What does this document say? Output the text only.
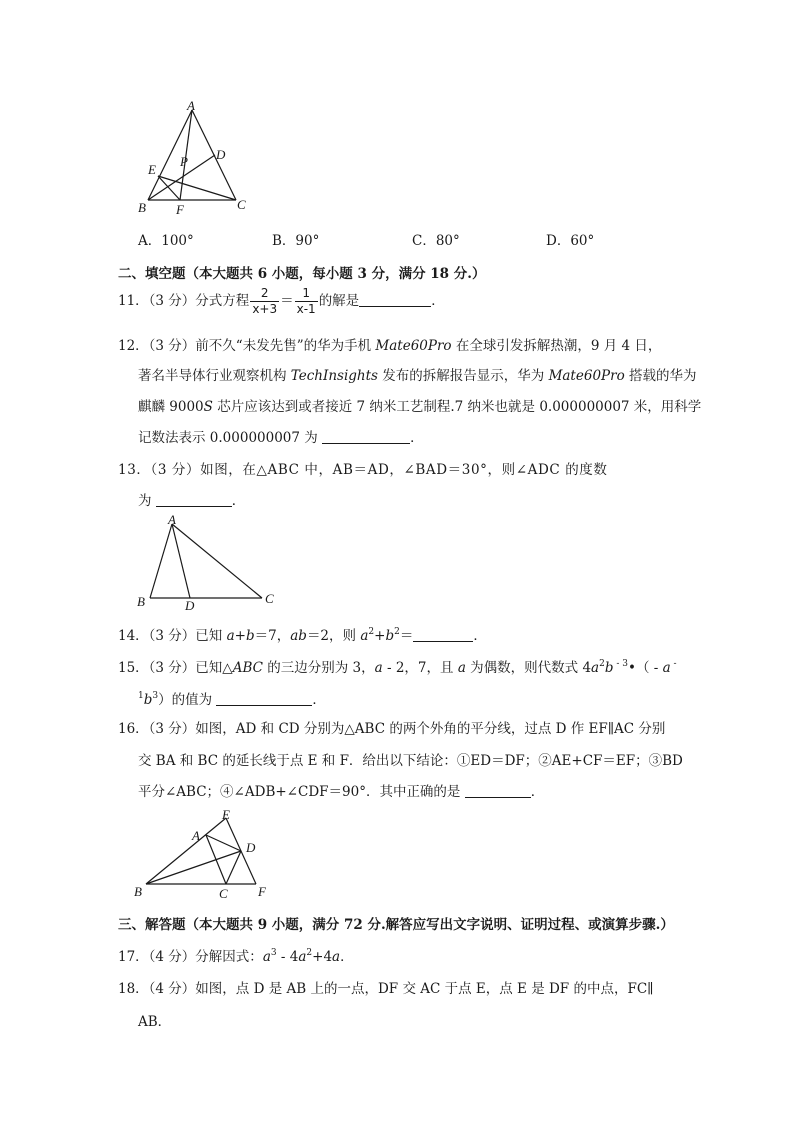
A
B	C
D
E
F
P
A．100°	B．90°	C．80°	D．60°
二、填空题（本大题共 6 小题，每小题 3 分，满分 18 分.）
11．（3 分）分式方程 $\frac{2}{x+3} = \frac{1}{x-1}$ 的解是	．
12．（3 分）前不久“未发先售”的华为手机 Mate60Pro 在全球引发拆解热潮，9 月 4 日，
著名半导体行业观察机构 TechInsights 发布的拆解报告显示，华为 Mate60Pro 搭载的华为
麒麟 9000S 芯片应该达到或者接近 7 纳米工艺制程.7 纳米也就是 0.000000007 米，用科学
记数法表示 0.000000007 为	．
13．（3 分）如图，在△ABC 中，AB＝AD，∠BAD＝30°，则∠ADC 的度数
为	．
A
B	C
D
14．（3 分）已知 a+b＝7，ab＝2，则 $a^2+b^2=$	．
15．（3 分）已知△ABC 的三边分别为 3，a - 2，7，且 a 为偶数，则代数式 $4a^2b$ $^{- 3}$•（ - a -
$^1b^3$）的值为	．
16．（3 分）如图，AD 和 CD 分别为△ABC 的两个外角的平分线，过点 D 作 EF∥AC 分别
交 BA 和 BC 的延长线于点 E 和 F．给出以下结论：①ED＝DF；②AE+CF＝EF；③BD
平分∠ABC；④∠ADB+∠CDF＝90°．其中正确的是	．
A
B	C
D
E
F
三、解答题（本大题共 9 小题，满分 72 分.解答应写出文字说明、证明过程、或演算步骤.）
17．（4 分）分解因式：$a^3 - 4a^2+4a$．
18．（4 分）如图，点 D 是 AB 上的一点，DF 交 AC 于点 E，点 E 是 DF 的中点，FC∥
AB．
